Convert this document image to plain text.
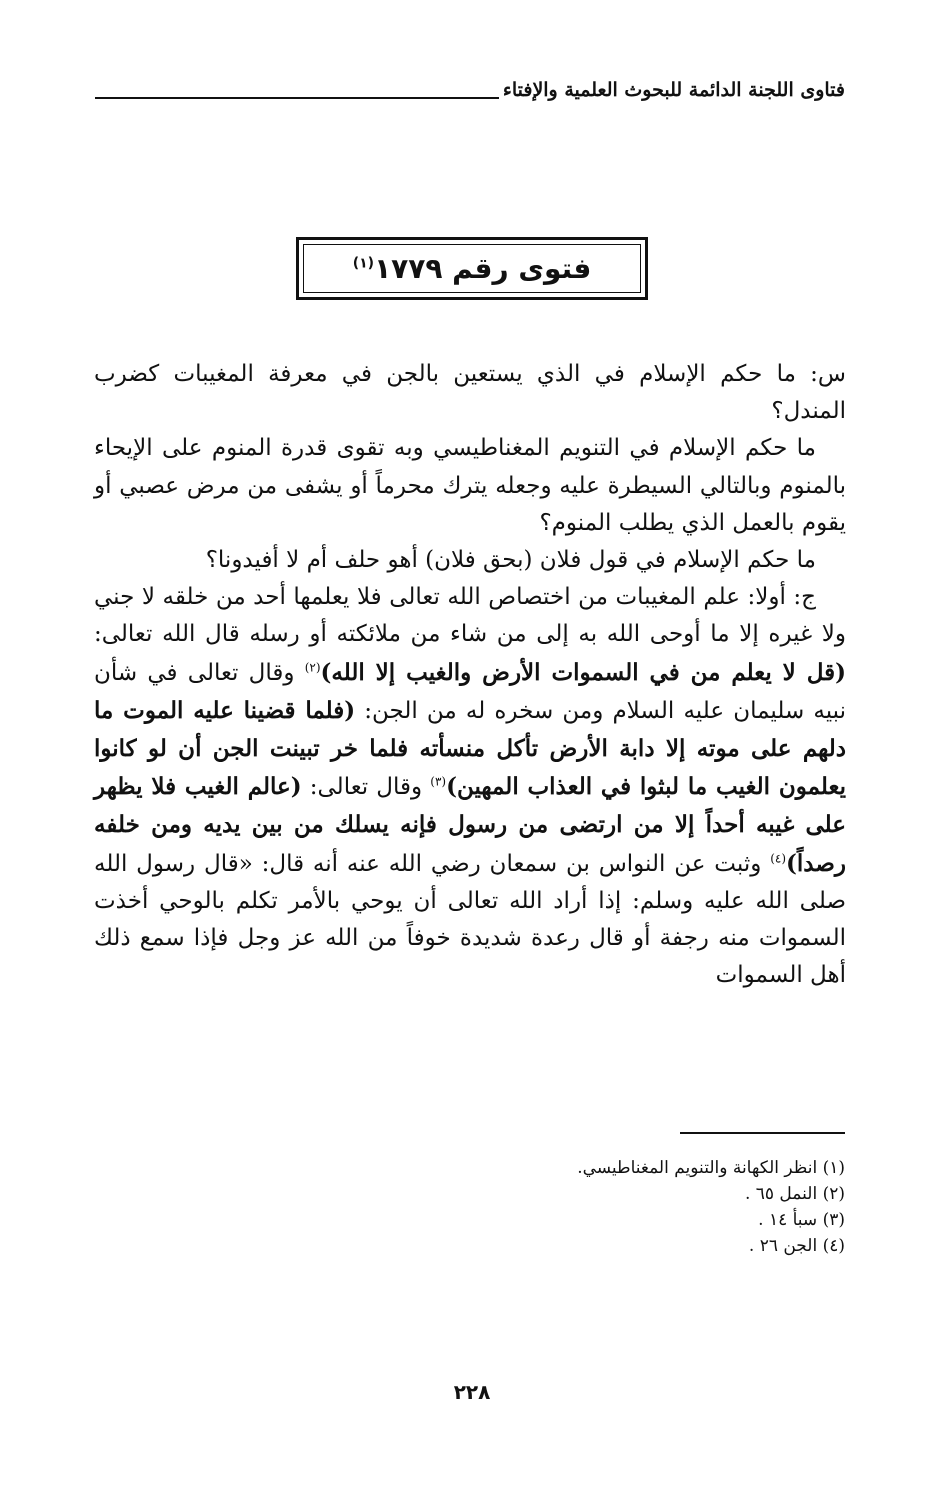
فتاوى اللجنة الدائمة للبحوث العلمية والإفتاء
فتوى رقم ١٧٧٩$^{(١)}$

س: ما حكم الإسلام في الذي يستعين بالجن في معرفة المغيبات كضرب المندل؟

ما حكم الإسلام في التنويم المغناطيسي وبه تقوى قدرة المنوم على الإيحاء بالمنوم وبالتالي السيطرة عليه وجعله يترك محرماً أو يشفى من مرض عصبي أو يقوم بالعمل الذي يطلب المنوم؟

ما حكم الإسلام في قول فلان (بحق فلان) أهو حلف أم لا أفيدونا؟

ج: أولا: علم المغيبات من اختصاص الله تعالى فلا يعلمها أحد من خلقه لا جني ولا غيره إلا ما أوحى الله به إلى من شاء من ملائكته أو رسله قال الله تعالى: (قل لا يعلم من في السموات الأرض والغيب إلا الله)$^{(٢)}$ وقال تعالى في شأن نبيه سليمان عليه السلام ومن سخره له من الجن: (فلما قضينا عليه الموت ما دلهم على موته إلا دابة الأرض تأكل منسأته فلما خر تبينت الجن أن لو كانوا يعلمون الغيب ما لبثوا في العذاب المهين)$^{(٣)}$ وقال تعالى: (عالم الغيب فلا يظهر على غيبه أحداً إلا من ارتضى من رسول فإنه يسلك من بين يديه ومن خلفه رصداً)$^{(٤)}$ وثبت عن النواس بن سمعان رضي الله عنه أنه قال: «قال رسول الله صلى الله عليه وسلم: إذا أراد الله تعالى أن يوحي بالأمر تكلم بالوحي أخذت السموات منه رجفة أو قال رعدة شديدة خوفاً من الله عز وجل فإذا سمع ذلك أهل السموات

(١) انظر الكهانة والتنويم المغناطيسي.
(٢) النمل ٦٥ .
(٣) سبأ ١٤ .
(٤) الجن ٢٦ .
٢٢٨
